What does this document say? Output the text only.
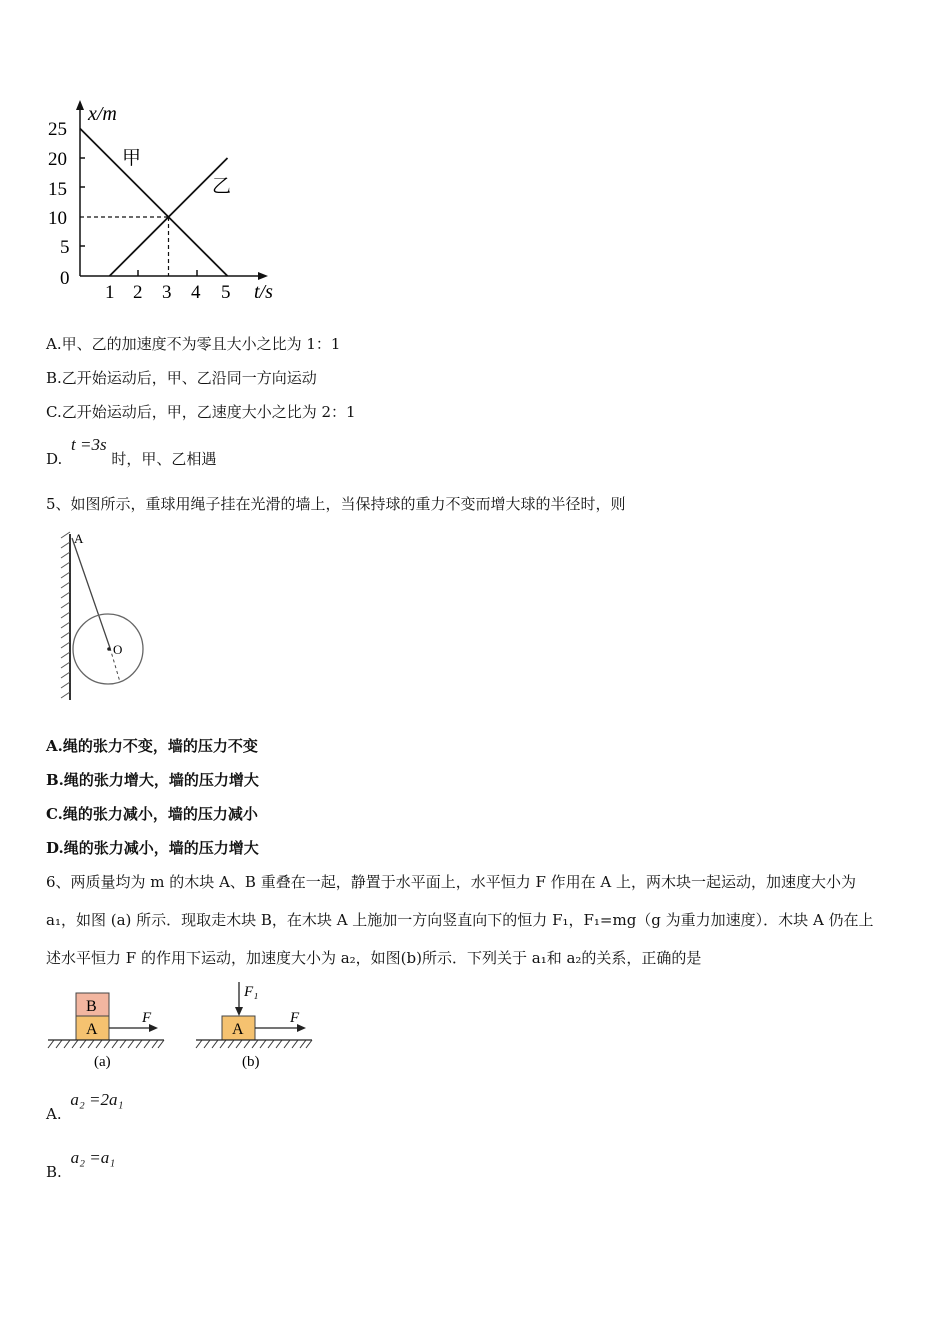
x/m
t/s
25
20
15
10
5
0
1 2 3 4 5
甲
乙
A.甲、乙的加速度不为零且大小之比为 1：1
B.乙开始运动后，甲、乙沿同一方向运动
C.乙开始运动后，甲，乙速度大小之比为 2：1
D. t =3s 时，甲、乙相遇
5、如图所示，重球用绳子挂在光滑的墙上，当保持球的重力不变而增大球的半径时，则
A
O
A.绳的张力不变，墙的压力不变
B.绳的张力增大，墙的压力增大
C.绳的张力减小，墙的压力减小
D.绳的张力减小，墙的压力增大
6、两质量均为 m 的木块 A、B 重叠在一起，静置于水平面上，水平恒力 F 作用在 A 上，两木块一起运动，加速度大小为
a₁，如图 (a) 所示．现取走木块 B，在木块 A 上施加一方向竖直向下的恒力 F₁，F₁=mg（g 为重力加速度）．木块 A 仍在上
述水平恒力 F 的作用下运动，加速度大小为 a₂，如图(b)所示．下列关于 a₁和 a₂的关系，正确的是
B
A
F
(a)
F₁
A
F
(b)
A. a₂ =2a₁
B. a₂ =a₁
